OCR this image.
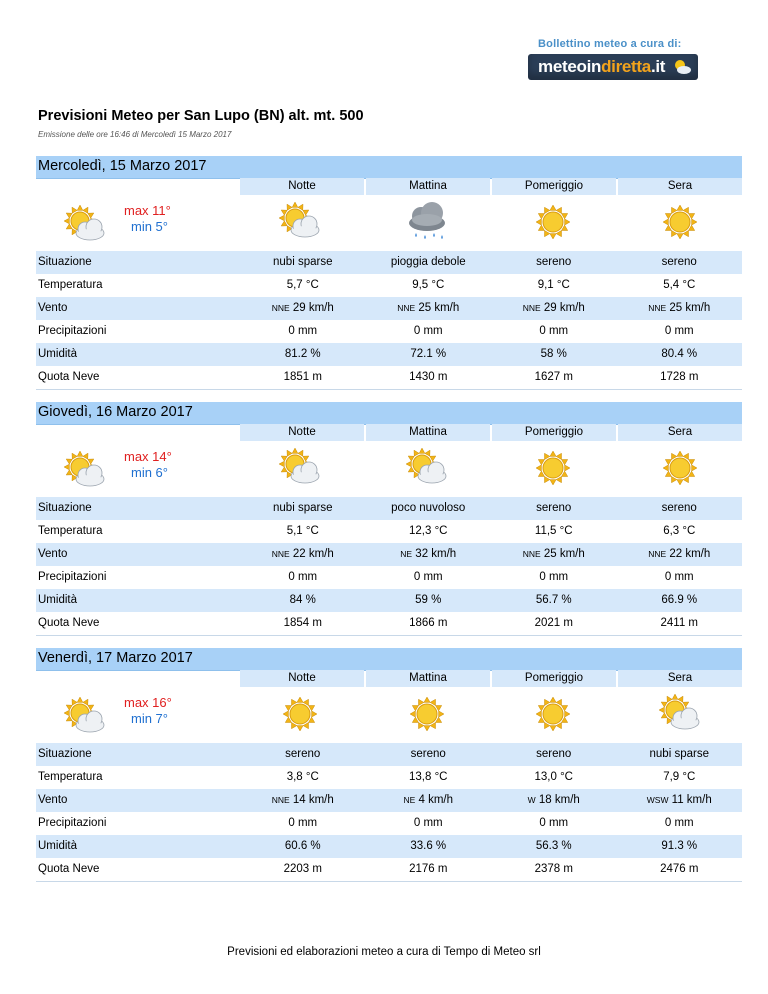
Bollettino meteo a cura di:
meteoindiretta.it
Previsioni Meteo per San Lupo (BN) alt. mt. 500
Emissione delle ore 16:46 di Mercoledì 15 Marzo 2017
Mercoledì, 15 Marzo 2017
Notte	Mattina	Pomeriggio	Sera
max 11°
min 5°
Situazione	nubi sparse	pioggia debole	sereno	sereno
Temperatura	5,7 °C	9,5 °C	9,1 °C	5,4 °C
Vento	NNE 29 km/h	NNE 25 km/h	NNE 29 km/h	NNE 25 km/h
Precipitazioni	0 mm	0 mm	0 mm	0 mm
Umidità	81.2 %	72.1 %	58 %	80.4 %
Quota Neve	1851 m	1430 m	1627 m	1728 m
Giovedì, 16 Marzo 2017
Notte	Mattina	Pomeriggio	Sera
max 14°
min 6°
Situazione	nubi sparse	poco nuvoloso	sereno	sereno
Temperatura	5,1 °C	12,3 °C	11,5 °C	6,3 °C
Vento	NNE 22 km/h	NE 32 km/h	NNE 25 km/h	NNE 22 km/h
Precipitazioni	0 mm	0 mm	0 mm	0 mm
Umidità	84 %	59 %	56.7 %	66.9 %
Quota Neve	1854 m	1866 m	2021 m	2411 m
Venerdì, 17 Marzo 2017
Notte	Mattina	Pomeriggio	Sera
max 16°
min 7°
Situazione	sereno	sereno	sereno	nubi sparse
Temperatura	3,8 °C	13,8 °C	13,0 °C	7,9 °C
Vento	NNE 14 km/h	NE 4 km/h	W 18 km/h	WSW 11 km/h
Precipitazioni	0 mm	0 mm	0 mm	0 mm
Umidità	60.6 %	33.6 %	56.3 %	91.3 %
Quota Neve	2203 m	2176 m	2378 m	2476 m
Previsioni ed elaborazioni meteo a cura di Tempo di Meteo srl
